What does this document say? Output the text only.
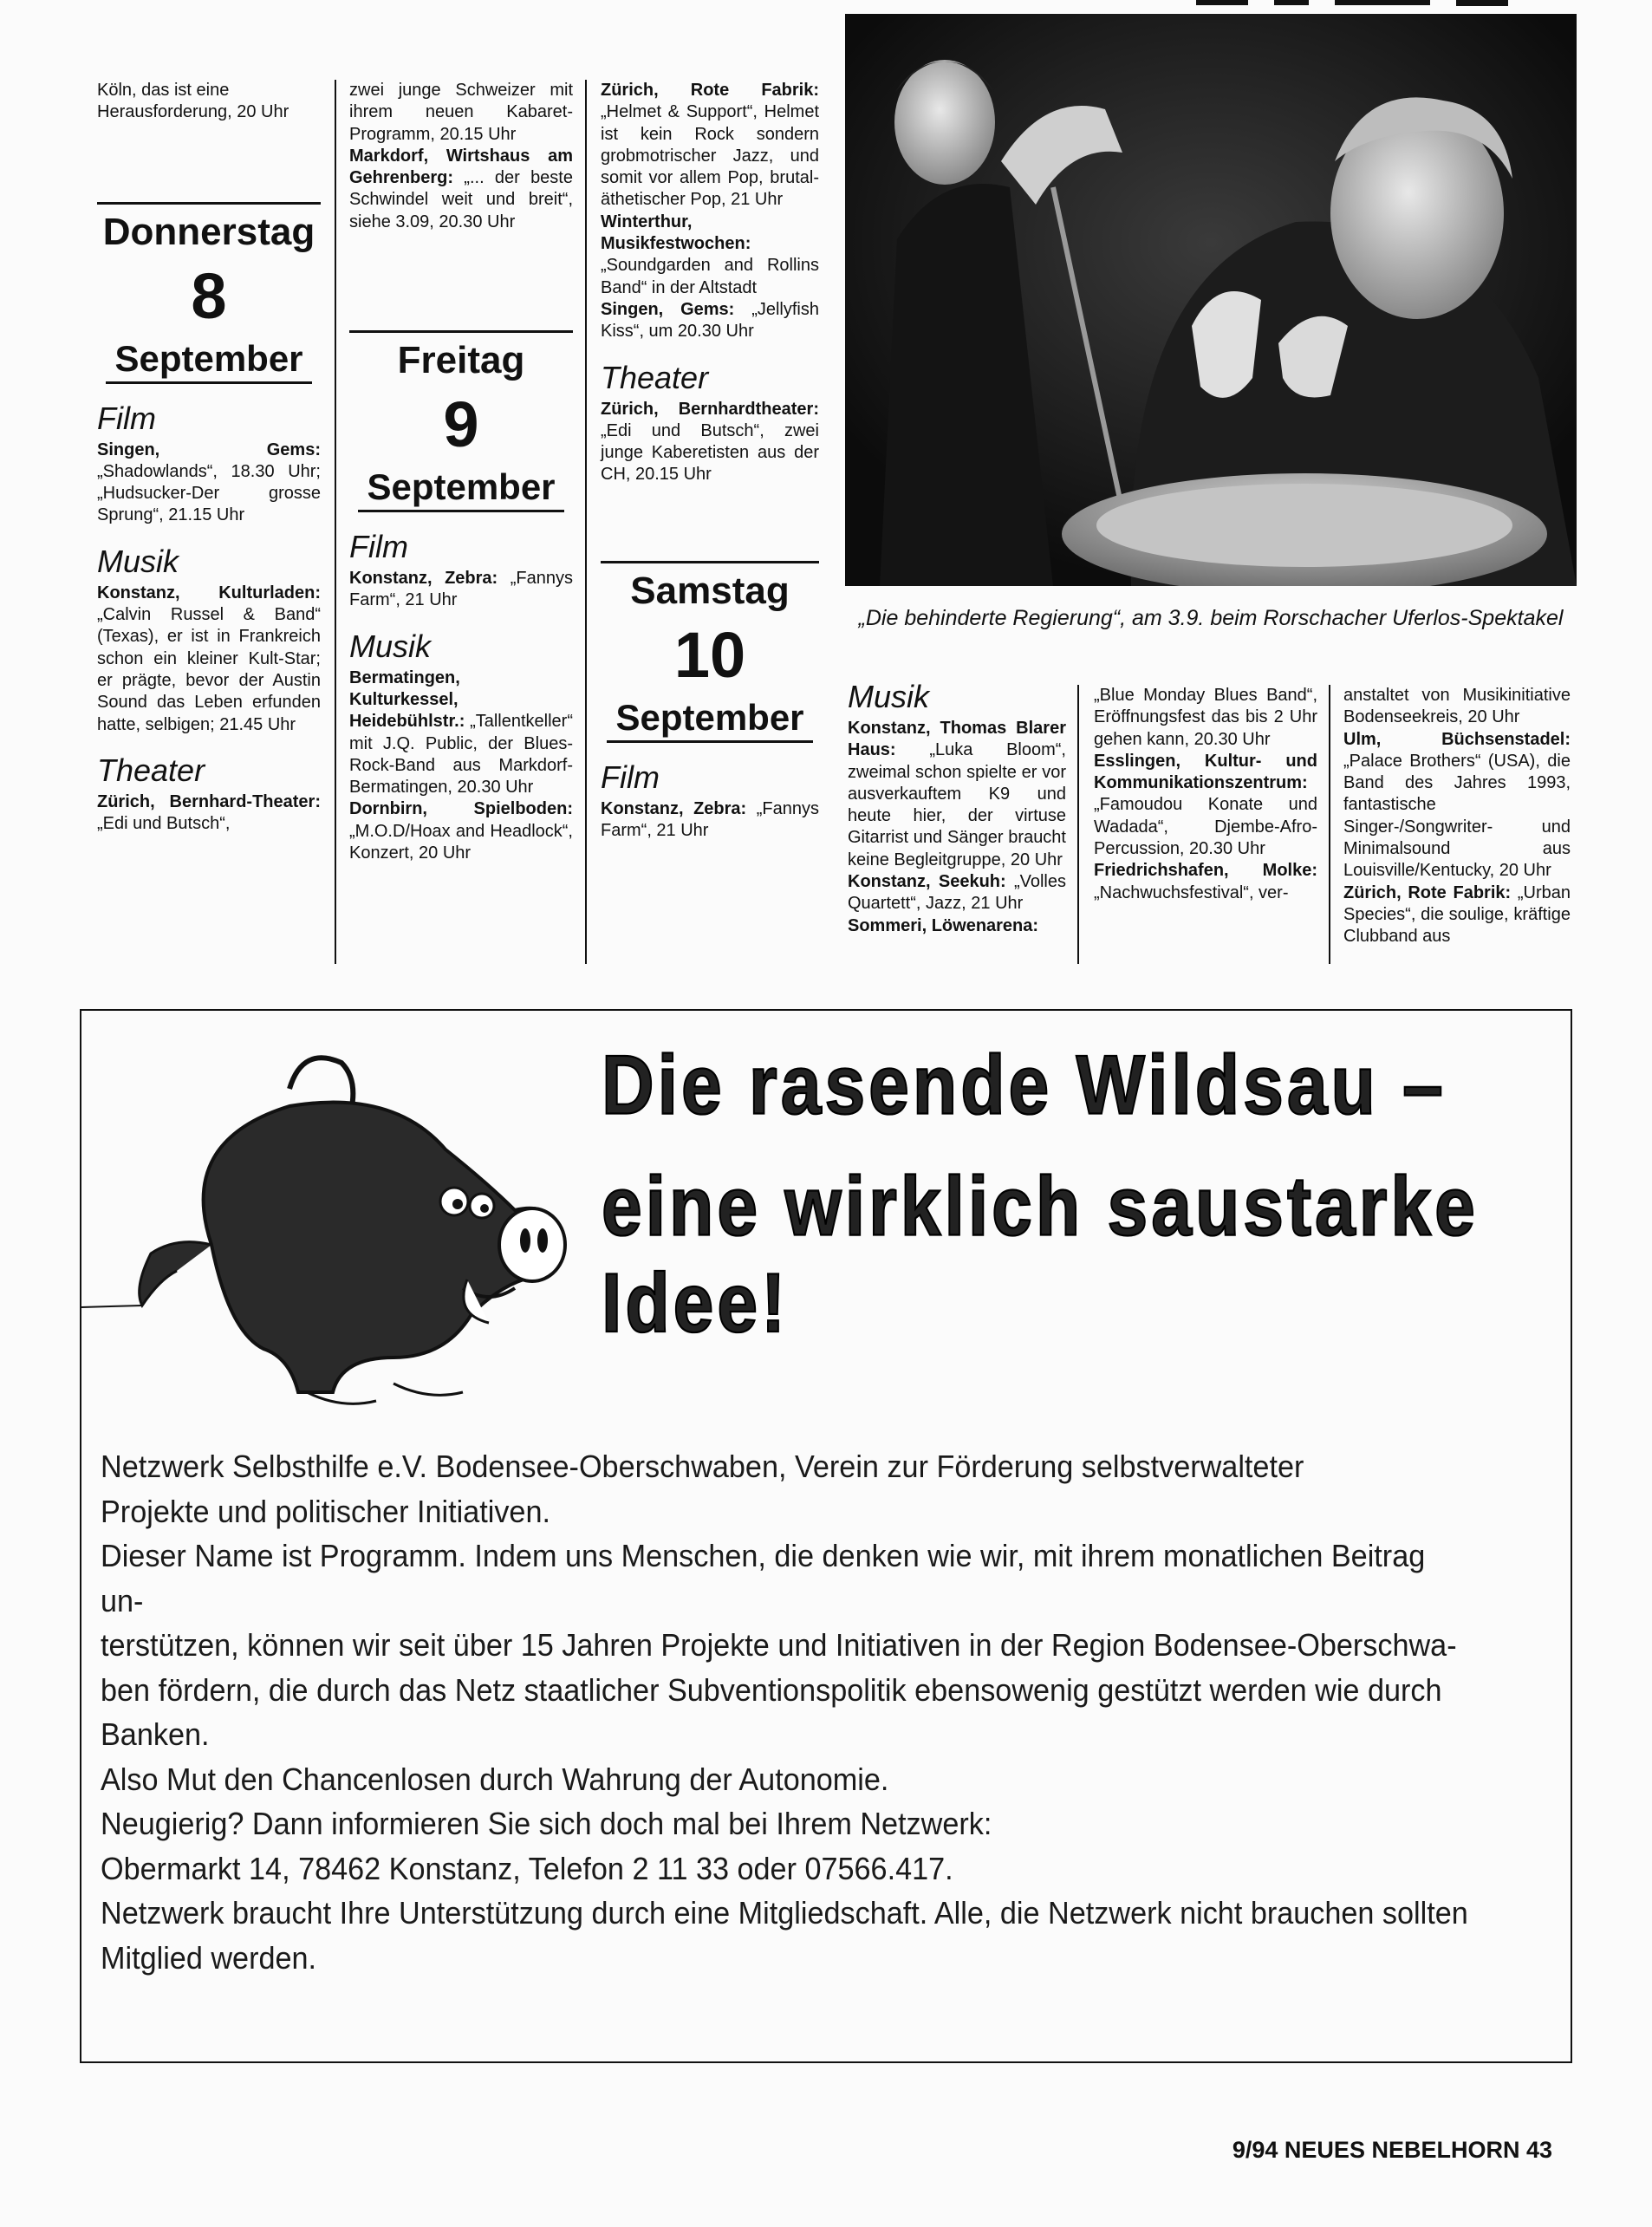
Köln, das ist eine Herausforderung, 20 Uhr

Donnerstag
8
September
Film

Singen, Gems: „Shadowlands“, 18.30 Uhr; „Hudsucker-Der grosse Sprung“, 21.15 Uhr

Musik

Konstanz, Kulturladen: „Calvin Russel & Band“ (Texas), er ist in Frankreich schon ein kleiner Kult-Star; er prägte, bevor der Austin Sound das Leben erfunden hatte, selbigen; 21.45 Uhr

Theater

Zürich, Bernhard-Theater: „Edi und Butsch“,

zwei junge Schweizer mit ihrem neuen Kabaret-Programm, 20.15 Uhr

Markdorf, Wirtshaus am Gehrenberg: „... der beste Schwindel weit und breit“, siehe 3.09, 20.30 Uhr

Freitag
9
September
Film

Konstanz, Zebra: „Fannys Farm“, 21 Uhr

Musik

Bermatingen, Kulturkessel, Heidebühlstr.: „Tallentkeller“ mit J.Q. Public, der Blues-Rock-Band aus Markdorf-Bermatingen, 20.30 Uhr

Dornbirn, Spielboden: „M.O.D/Hoax and Headlock“, Konzert, 20 Uhr

Zürich, Rote Fabrik: „Helmet & Support“, Helmet ist kein Rock sondern grobmotrischer Jazz, und somit vor allem Pop, brutal-äthetischer Pop, 21 Uhr

Winterthur, Musikfestwochen: „Soundgarden and Rollins Band“ in der Altstadt

Singen, Gems: „Jellyfish Kiss“, um 20.30 Uhr

Theater

Zürich, Bernhardtheater: „Edi und Butsch“, zwei junge Kaberetisten aus der CH, 20.15 Uhr

Samstag
10
September
Film

Konstanz, Zebra: „Fannys Farm“, 21 Uhr

„Die behinderte Regierung“, am 3.9. beim Rorschacher Uferlos-Spektakel
Musik

Konstanz, Thomas Blarer Haus: „Luka Bloom“, zweimal schon spielte er vor ausverkauftem K9 und heute hier, der virtuse Gitarrist und Sänger braucht keine Begleitgruppe, 20 Uhr

Konstanz, Seekuh: „Volles Quartett“, Jazz, 21 Uhr

Sommeri, Löwenarena:

„Blue Monday Blues Band“, Eröffnungsfest das bis 2 Uhr gehen kann, 20.30 Uhr

Esslingen, Kultur- und Kommunikationszentrum: „Famoudou Konate und Wadada“, Djembe-Afro-Percussion, 20.30 Uhr

Friedrichshafen, Molke: „Nachwuchsfestival“, ver-

anstaltet von Musikinitiative Bodenseekreis, 20 Uhr

Ulm, Büchsenstadel: „Palace Brothers“ (USA), die Band des Jahres 1993, fantastische Singer-/Songwriter- und Minimalsound aus Louisville/Kentucky, 20 Uhr

Zürich, Rote Fabrik: „Urban Species“, die soulige, kräftige Clubband aus

Die rasende Wildsau –
eine wirklich saustarke Idee!

Netzwerk Selbsthilfe e.V. Bodensee-Oberschwaben, Verein zur Förderung selbstverwalteter

Projekte und politischer Initiativen.

Dieser Name ist Programm. Indem uns Menschen, die denken wie wir, mit ihrem monatlichen Beitrag un-

terstützen, können wir seit über 15 Jahren Projekte und Initiativen in der Region Bodensee-Oberschwa-

ben fördern, die durch das Netz staatlicher Subventionspolitik ebensowenig gestützt werden wie durch

Banken.

Also Mut den Chancenlosen durch Wahrung der Autonomie.

Neugierig? Dann informieren Sie sich doch mal bei Ihrem Netzwerk:

Obermarkt 14, 78462 Konstanz, Telefon 2 11 33 oder 07566.417.

Netzwerk braucht Ihre Unterstützung durch eine Mitgliedschaft. Alle, die Netzwerk nicht brauchen sollten

Mitglied werden.

9/94 NEUES NEBELHORN 43
